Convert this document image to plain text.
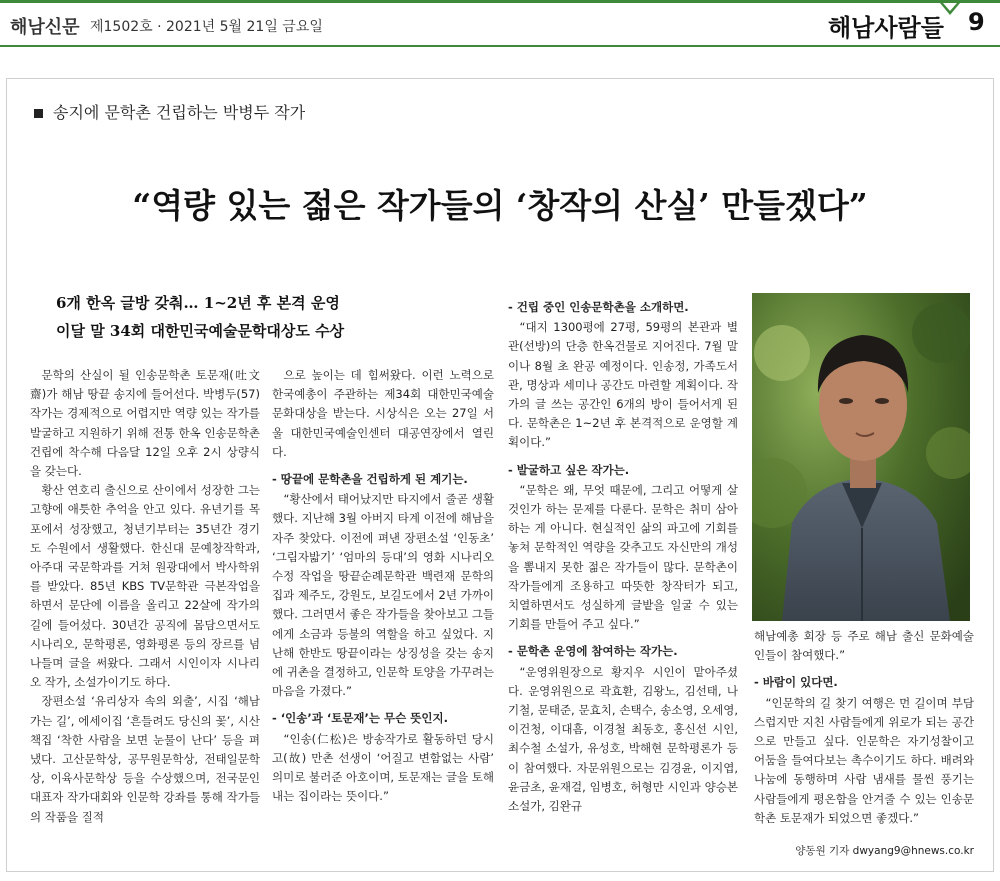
해남신문 제1502호 · 2021년 5월 21일 금요일	해남사람들 9
송지에 문학촌 건립하는 박병두 작가
“역량 있는 젊은 작가들의 ‘창작의 산실’ 만들겠다”
6개 한옥 글방 갖춰… 1~2년 후 본격 운영
이달 말 34회 대한민국예술문학대상도 수상

문학의 산실이 될 인송문학촌 토문재(吐文齋)가 해남 땅끝 송지에 들어선다. 박병두(57) 작가는 경제적으로 어렵지만 역량 있는 작가를 발굴하고 지원하기 위해 전통 한옥 인송문학촌 건립에 착수해 다음달 12일 오후 2시 상량식을 갖는다.

황산 연호리 출신으로 산이에서 성장한 그는 고향에 애틋한 추억을 안고 있다. 유년기를 목포에서 성장했고, 청년기부터는 35년간 경기도 수원에서 생활했다. 한신대 문예창작학과, 아주대 국문학과를 거쳐 원광대에서 박사학위를 받았다. 85년 KBS TV문학관 극본작업을 하면서 문단에 이름을 올리고 22살에 작가의 길에 들어섰다. 30년간 공직에 몸담으면서도 시나리오, 문학평론, 영화평론 등의 장르를 넘나들며 글을 써왔다. 그래서 시인이자 시나리오 작가, 소설가이기도 하다.

장편소설 ‘유리상자 속의 외출’, 시집 ‘해남 가는 길’, 에세이집 ‘흔들려도 당신의 꽃’, 시산책집 ‘착한 사람을 보면 눈물이 난다’ 등을 펴냈다. 고산문학상, 공무원문학상, 전태일문학상, 이육사문학상 등을 수상했으며, 전국문인대표자 작가대회와 인문학 강좌를 통해 작가들의 작품을 질적

으로 높이는 데 힘써왔다. 이런 노력으로 한국예총이 주관하는 제34회 대한민국예술문화대상을 받는다. 시상식은 오는 27일 서울 대한민국예술인센터 대공연장에서 열린다.

- 땅끝에 문학촌을 건립하게 된 계기는.

“황산에서 태어났지만 타지에서 줄곧 생활했다. 지난해 3월 아버지 타계 이전에 해남을 자주 찾았다. 이전에 펴낸 장편소설 ‘인동초’ ‘그림자밟기’ ‘엄마의 등대’의 영화 시나리오 수정 작업을 땅끝순례문학관 백련재 문학의 집과 제주도, 강원도, 보길도에서 2년 가까이 했다. 그러면서 좋은 작가들을 찾아보고 그들에게 소금과 등불의 역할을 하고 싶었다. 지난해 한반도 땅끝이라는 상징성을 갖는 송지에 귀촌을 결정하고, 인문학 토양을 가꾸려는 마음을 가졌다.”

- ‘인송’과 ‘토문재’는 무슨 뜻인지.

“인송(仁松)은 방송작가로 활동하던 당시 고(故) 만촌 선생이 ‘어질고 변함없는 사람’ 의미로 불러준 아호이며, 토문재는 글을 토해내는 집이라는 뜻이다.”

- 건립 중인 인송문학촌을 소개하면.

“대지 1300평에 27평, 59평의 본관과 별관(선방)의 단층 한옥건물로 지어진다. 7월 말이나 8월 초 완공 예정이다. 인송정, 가족도서관, 명상과 세미나 공간도 마련할 계획이다. 작가의 글 쓰는 공간인 6개의 방이 들어서게 된다. 문학촌은 1~2년 후 본격적으로 운영할 계획이다.”

- 발굴하고 싶은 작가는.

“문학은 왜, 무엇 때문에, 그리고 어떻게 살 것인가 하는 문제를 다룬다. 문학은 취미 삼아 하는 게 아니다. 현실적인 삶의 파고에 기회를 놓쳐 문학적인 역량을 갖추고도 자신만의 개성을 뽐내지 못한 젊은 작가들이 많다. 문학촌이 작가들에게 조용하고 따뜻한 창작터가 되고, 치열하면서도 성실하게 글밭을 일굴 수 있는 기회를 만들어 주고 싶다.”

- 문학촌 운영에 참여하는 작가는.

“운영위원장으로 황지우 시인이 맡아주셨다. 운영위원으로 곽효환, 김왕노, 김선태, 나기철, 문태준, 문효치, 손택수, 송소영, 오세영, 이건청, 이대흠, 이경철 최동호, 홍신선 시인, 최수철 소설가, 유성호, 박해현 문학평론가 등이 참여했다. 자문위원으로는 김경윤, 이지엽, 윤금초, 윤재걸, 임병호, 허형만 시인과 양승본 소설가, 김완규

해남예총 회장 등 주로 해남 출신 문화예술인들이 참여했다.”

- 바람이 있다면.

“인문학의 길 찾기 여행은 먼 길이며 부담스럽지만 지친 사람들에게 위로가 되는 공간으로 만들고 싶다. 인문학은 자기성찰이고 어둠을 들여다보는 촉수이기도 하다. 배려와 나눔에 동행하며 사람 냄새를 물씬 풍기는 사람들에게 평온함을 안겨줄 수 있는 인송문학촌 토문재가 되었으면 좋겠다.”

양동원 기자 dwyang9@hnews.co.kr
